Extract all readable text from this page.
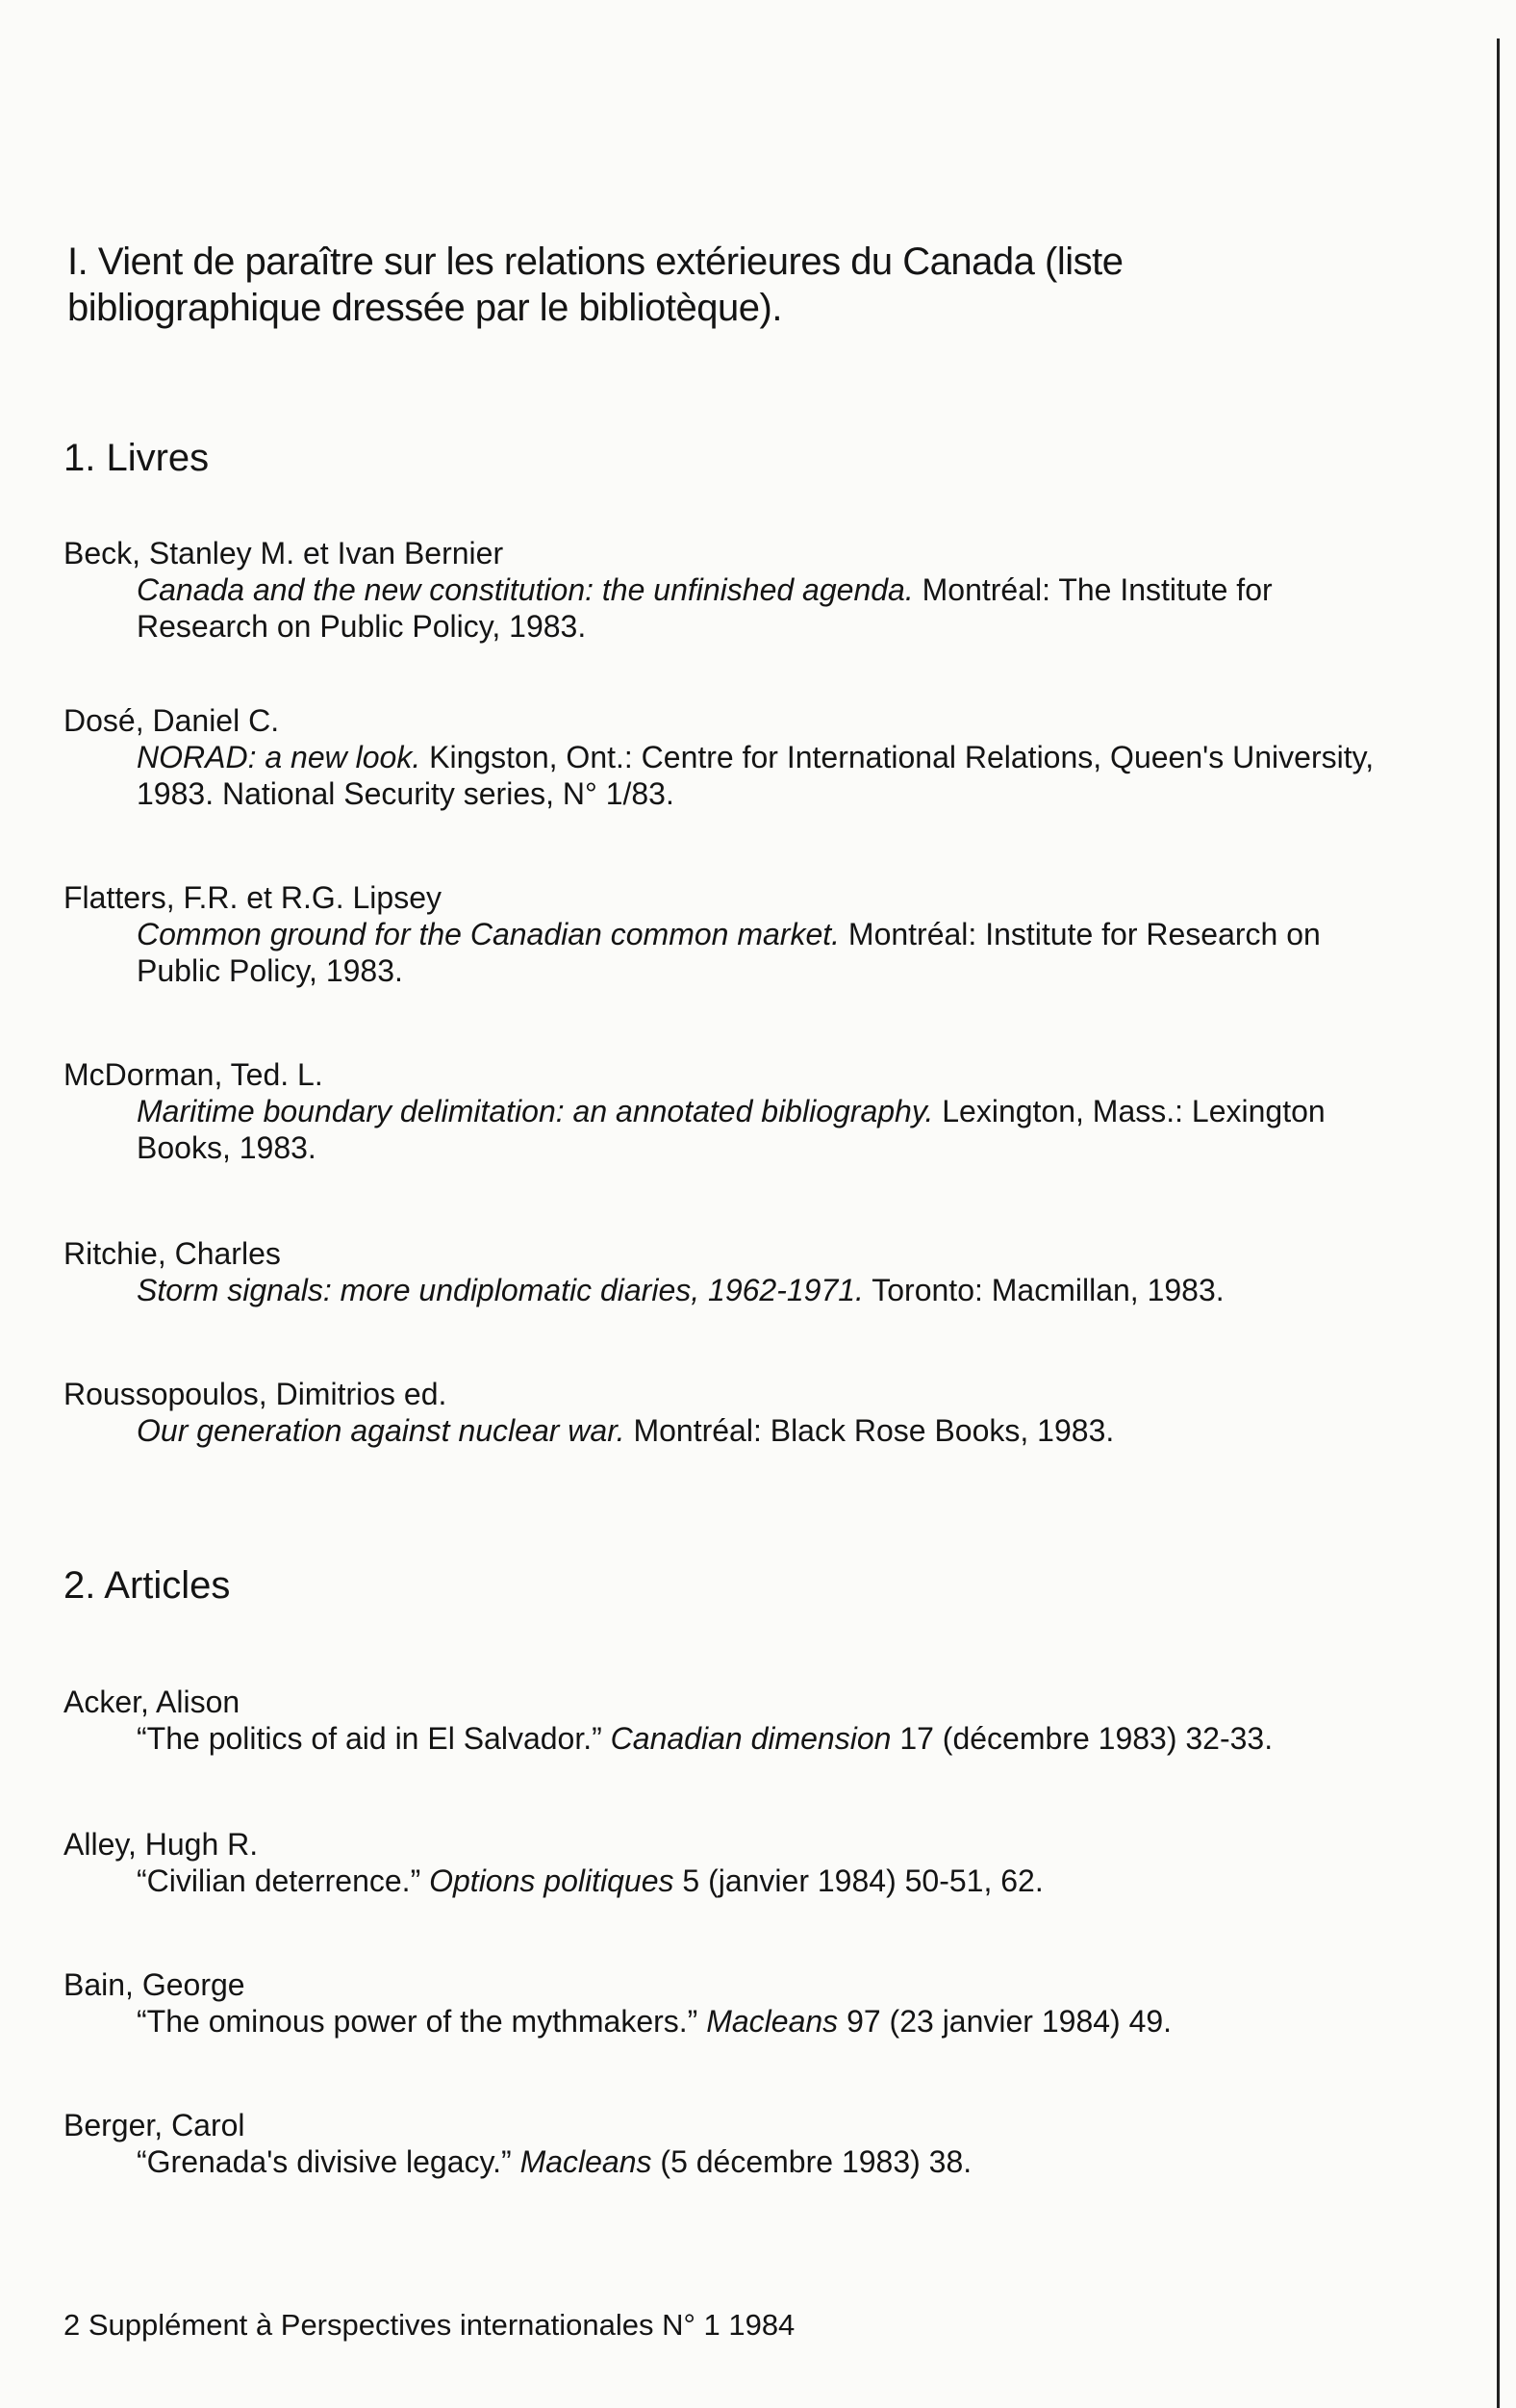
I. Vient de paraître sur les relations extérieures du Canada (liste bibliographique dressée par le bibliotèque).
1. Livres
Beck, Stanley M. et Ivan Bernier
Canada and the new constitution: the unfinished agenda. Montréal: The Institute for Research on Public Policy, 1983.
Dosé, Daniel C.
NORAD: a new look. Kingston, Ont.: Centre for International Relations, Queen's University, 1983. National Security series, N° 1/83.
Flatters, F.R. et R.G. Lipsey
Common ground for the Canadian common market. Montréal: Institute for Research on Public Policy, 1983.
McDorman, Ted. L.
Maritime boundary delimitation: an annotated bibliography. Lexington, Mass.: Lexington Books, 1983.
Ritchie, Charles
Storm signals: more undiplomatic diaries, 1962-1971. Toronto: Macmillan, 1983.
Roussopoulos, Dimitrios ed.
Our generation against nuclear war. Montréal: Black Rose Books, 1983.
2. Articles
Acker, Alison
“The politics of aid in El Salvador.” Canadian dimension 17 (décembre 1983) 32-33.
Alley, Hugh R.
“Civilian deterrence.” Options politiques 5 (janvier 1984) 50-51, 62.
Bain, George
“The ominous power of the mythmakers.” Macleans 97 (23 janvier 1984) 49.
Berger, Carol
“Grenada's divisive legacy.” Macleans (5 décembre 1983) 38.
2 Supplément à Perspectives internationales N° 1 1984
